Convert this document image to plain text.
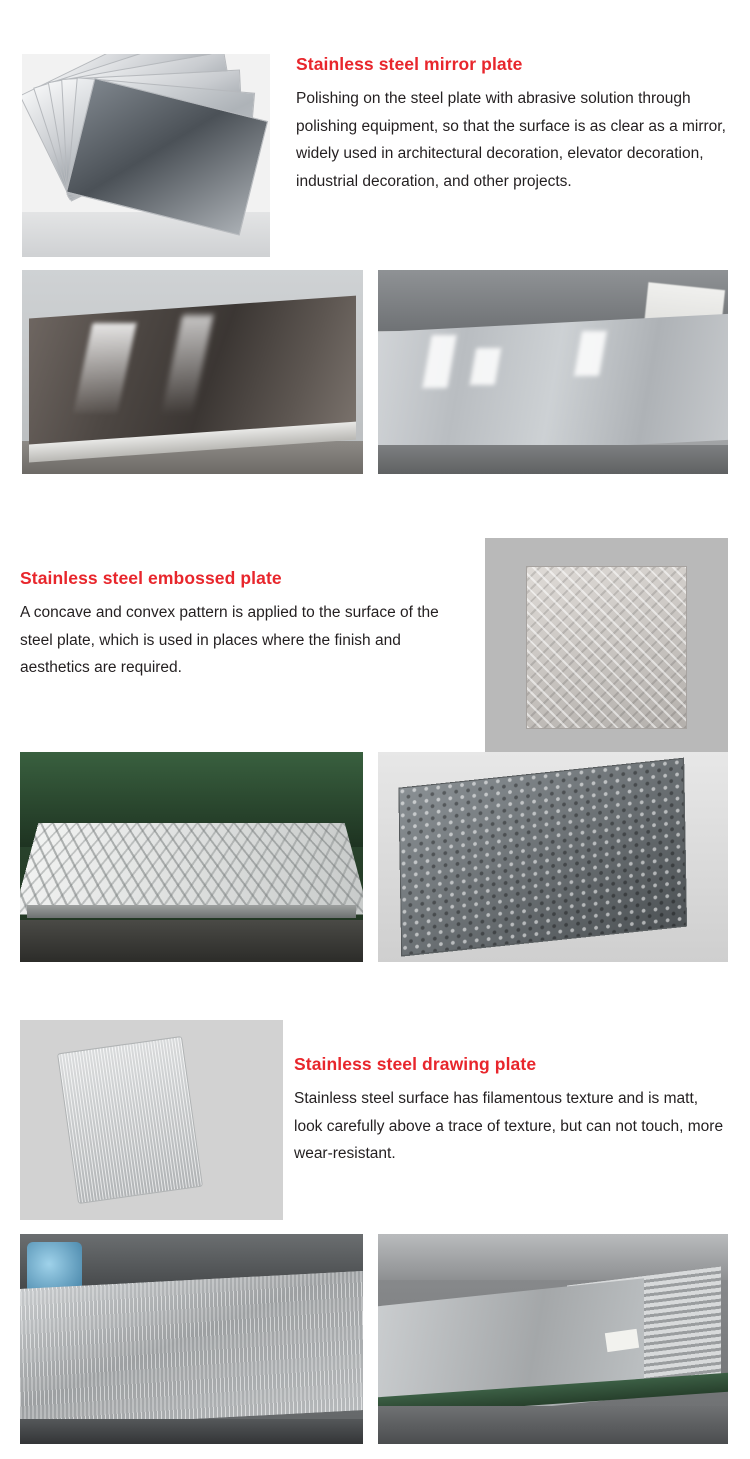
Stainless steel mirror plate

Polishing on the steel plate with abrasive solution through polishing equipment, so that the surface is as clear as a mirror, widely used in architectural decoration, elevator decoration, industrial decoration, and other projects.

Stainless steel embossed plate

A concave and convex pattern is applied to the surface of the steel plate, which is used in places where the finish and aesthetics are required.

Stainless steel drawing plate

Stainless steel surface has filamentous texture and is matt, look carefully above a trace of texture, but can not touch, more wear-resistant.
